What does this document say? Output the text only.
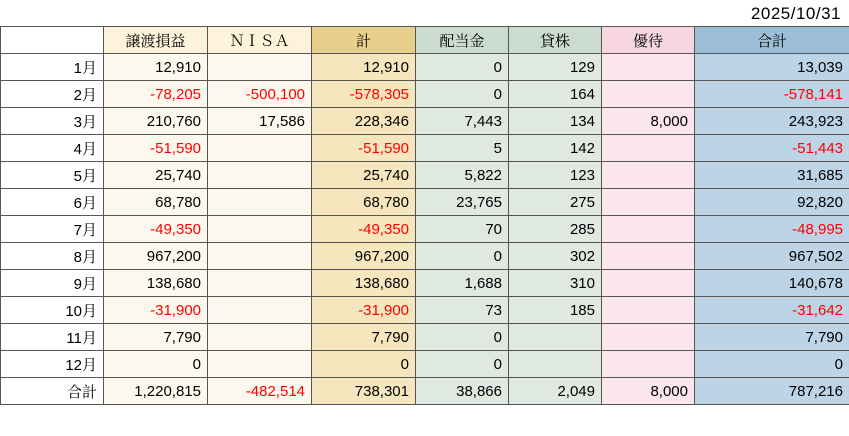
2025/10/31
	譲渡損益	ＮＩＳＡ	計	配当金	貸株	優待	合計
1月	12,910		12,910	0	129		13,039
2月	-78,205	-500,100	-578,305	0	164		-578,141
3月	210,760	17,586	228,346	7,443	134	8,000	243,923
4月	-51,590		-51,590	5	142		-51,443
5月	25,740		25,740	5,822	123		31,685
6月	68,780		68,780	23,765	275		92,820
7月	-49,350		-49,350	70	285		-48,995
8月	967,200		967,200	0	302		967,502
9月	138,680		138,680	1,688	310		140,678
10月	-31,900		-31,900	73	185		-31,642
11月	7,790		7,790	0			7,790
12月	0		0	0			0
合計	1,220,815	-482,514	738,301	38,866	2,049	8,000	787,216
